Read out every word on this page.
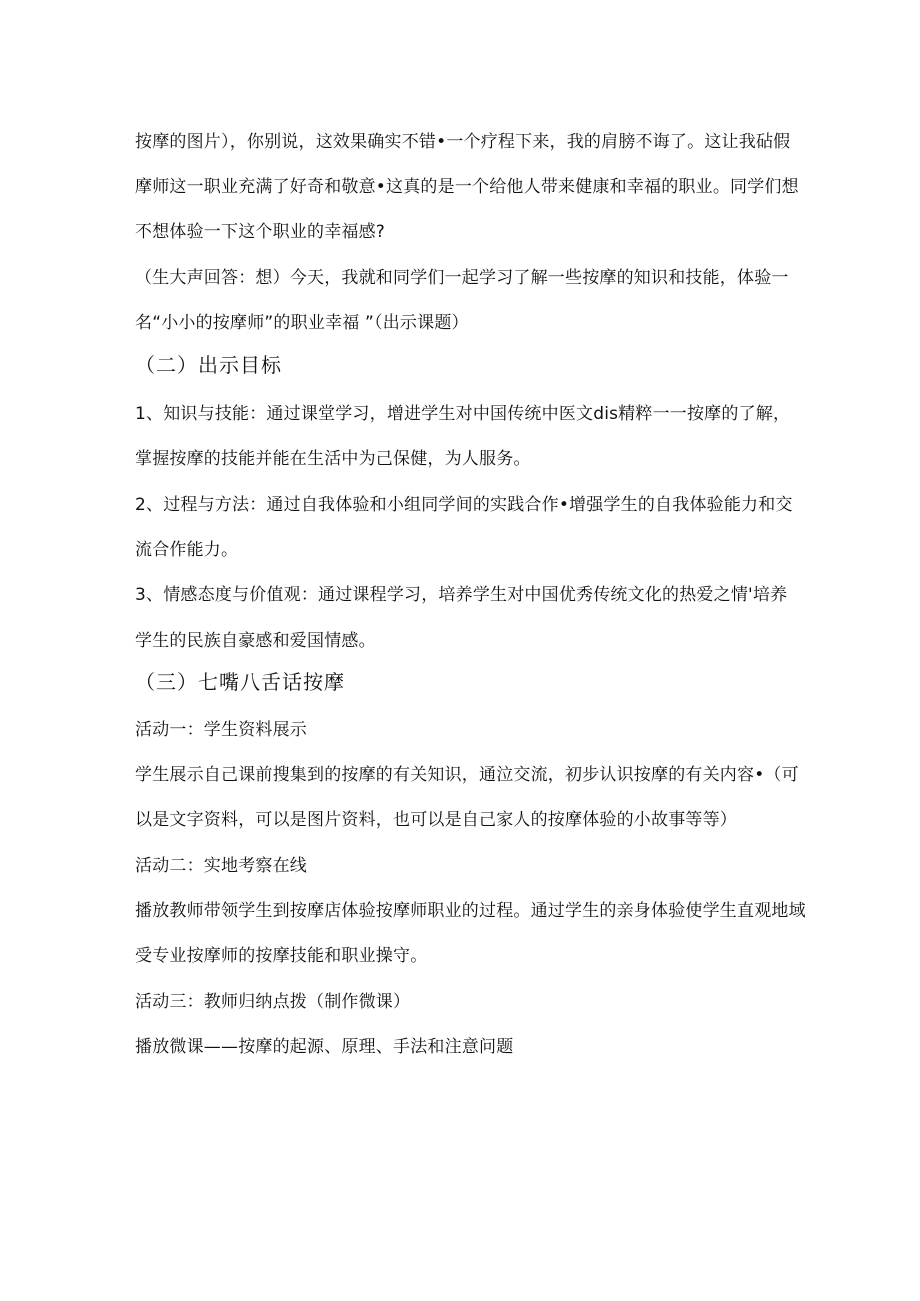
按摩的图片），你别说，这效果确实不错•一个疗程下来，我的肩膀不诲了。这让我砧假
摩师这一职业充满了好奇和敬意•这真的是一个给他人带来健康和幸福的职业。同学们想
不想体验一下这个职业的幸福感?
（生大声回答：想）今天，我就和同学们一起学习了解一些按摩的知识和技能，体验一
名“小小的按摩师”的职业幸福 ”（出示课题）
（二）出示目标
1、知识与技能：通过课堂学习，增进学生对中国传统中医文dis精粹一一按摩的了解，
掌握按摩的技能并能在生活中为己保健，为人服务。
2、过程与方法：通过自我体验和小组同学间的实践合作•增强学生的自我体验能力和交
流合作能力。
3、情感态度与价值观：通过课程学习，培养学生对中国优秀传统文化的热爱之情'培养
学生的民族自豪感和爱国情感。
（三）七嘴八舌话按摩
活动一：学生资料展示
学生展示自己课前搜集到的按摩的有关知识，通泣交流，初步认识按摩的有关内容•（可
以是文字资料，可以是图片资料，也可以是自己家人的按摩体验的小故事等等）
活动二：实地考察在线
播放教师带领学生到按摩店体验按摩师职业的过程。通过学生的亲身体验使学生直观地域
受专业按摩师的按摩技能和职业操守。
活动三：教师归纳点拨（制作微课）
播放微课——按摩的起源、原理、手法和注意问题
